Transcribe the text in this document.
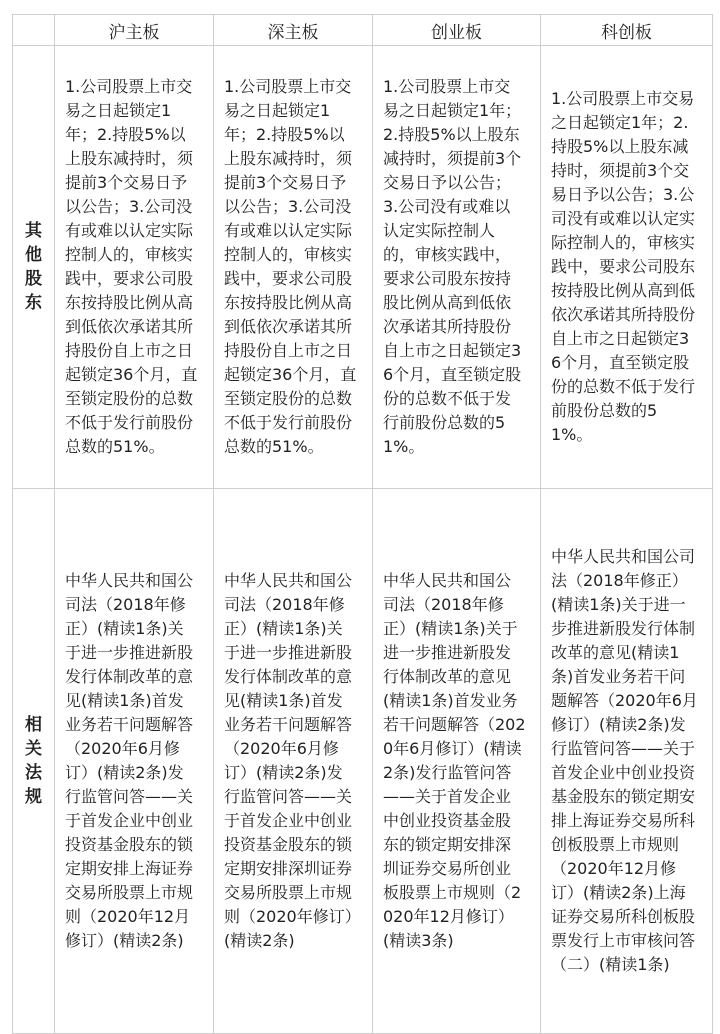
	沪主板	深主板	创业板	科创板

其
他
股
东	1.公司股票上市交易之日起锁定1年；2.持股5%以上股东减持时，须提前3个交易日予以公告；3.公司没有或难以认定实际控制人的，审核实践中，要求公司股东按持股比例从高到低依次承诺其所持股份自上市之日起锁定36个月，直至锁定股份的总数不低于发行前股份总数的51%。	1.公司股票上市交易之日起锁定1年；2.持股5%以上股东减持时，须提前3个交易日予以公告；3.公司没有或难以认定实际控制人的，审核实践中，要求公司股东按持股比例从高到低依次承诺其所持股份自上市之日起锁定36个月，直至锁定股份的总数不低于发行前股份总数的51%。	1.公司股票上市交易之日起锁定1年；2.持股5%以上股东减持时，须提前3个交易日予以公告；3.公司没有或难以认定实际控制人的，审核实践中，要求公司股东按持股比例从高到低依次承诺其所持股份自上市之日起锁定36个月，直至锁定股份的总数不低于发行前股份总数的51%。	1.公司股票上市交易之日起锁定1年；2.持股5%以上股东减持时，须提前3个交易日予以公告；3.公司没有或难以认定实际控制人的，审核实践中，要求公司股东按持股比例从高到低依次承诺其所持股份自上市之日起锁定36个月，直至锁定股份的总数不低于发行前股份总数的51%。

相
关
法
规	中华人民共和国公司法（2018年修正）(精读1条)关于进一步推进新股发行体制改革的意见(精读1条)首发业务若干问题解答（2020年6月修订）(精读2条)发行监管问答——关于首发企业中创业投资基金股东的锁定期安排上海证券交易所股票上市规则（2020年12月修订）(精读2条)	中华人民共和国公司法（2018年修正）(精读1条)关于进一步推进新股发行体制改革的意见(精读1条)首发业务若干问题解答（2020年6月修订）(精读2条)发行监管问答——关于首发企业中创业投资基金股东的锁定期安排深圳证券交易所股票上市规则（2020年修订）(精读2条)	中华人民共和国公司法（2018年修正）(精读1条)关于进一步推进新股发行体制改革的意见(精读1条)首发业务若干问题解答（2020年6月修订）(精读2条)发行监管问答——关于首发企业中创业投资基金股东的锁定期安排深圳证券交易所创业板股票上市规则（2020年12月修订）(精读3条)	中华人民共和国公司法（2018年修正）(精读1条)关于进一步推进新股发行体制改革的意见(精读1条)首发业务若干问题解答（2020年6月修订）(精读2条)发行监管问答——关于首发企业中创业投资基金股东的锁定期安排上海证券交易所科创板股票上市规则（2020年12月修订）(精读2条)上海证券交易所科创板股票发行上市审核问答（二）(精读1条)
